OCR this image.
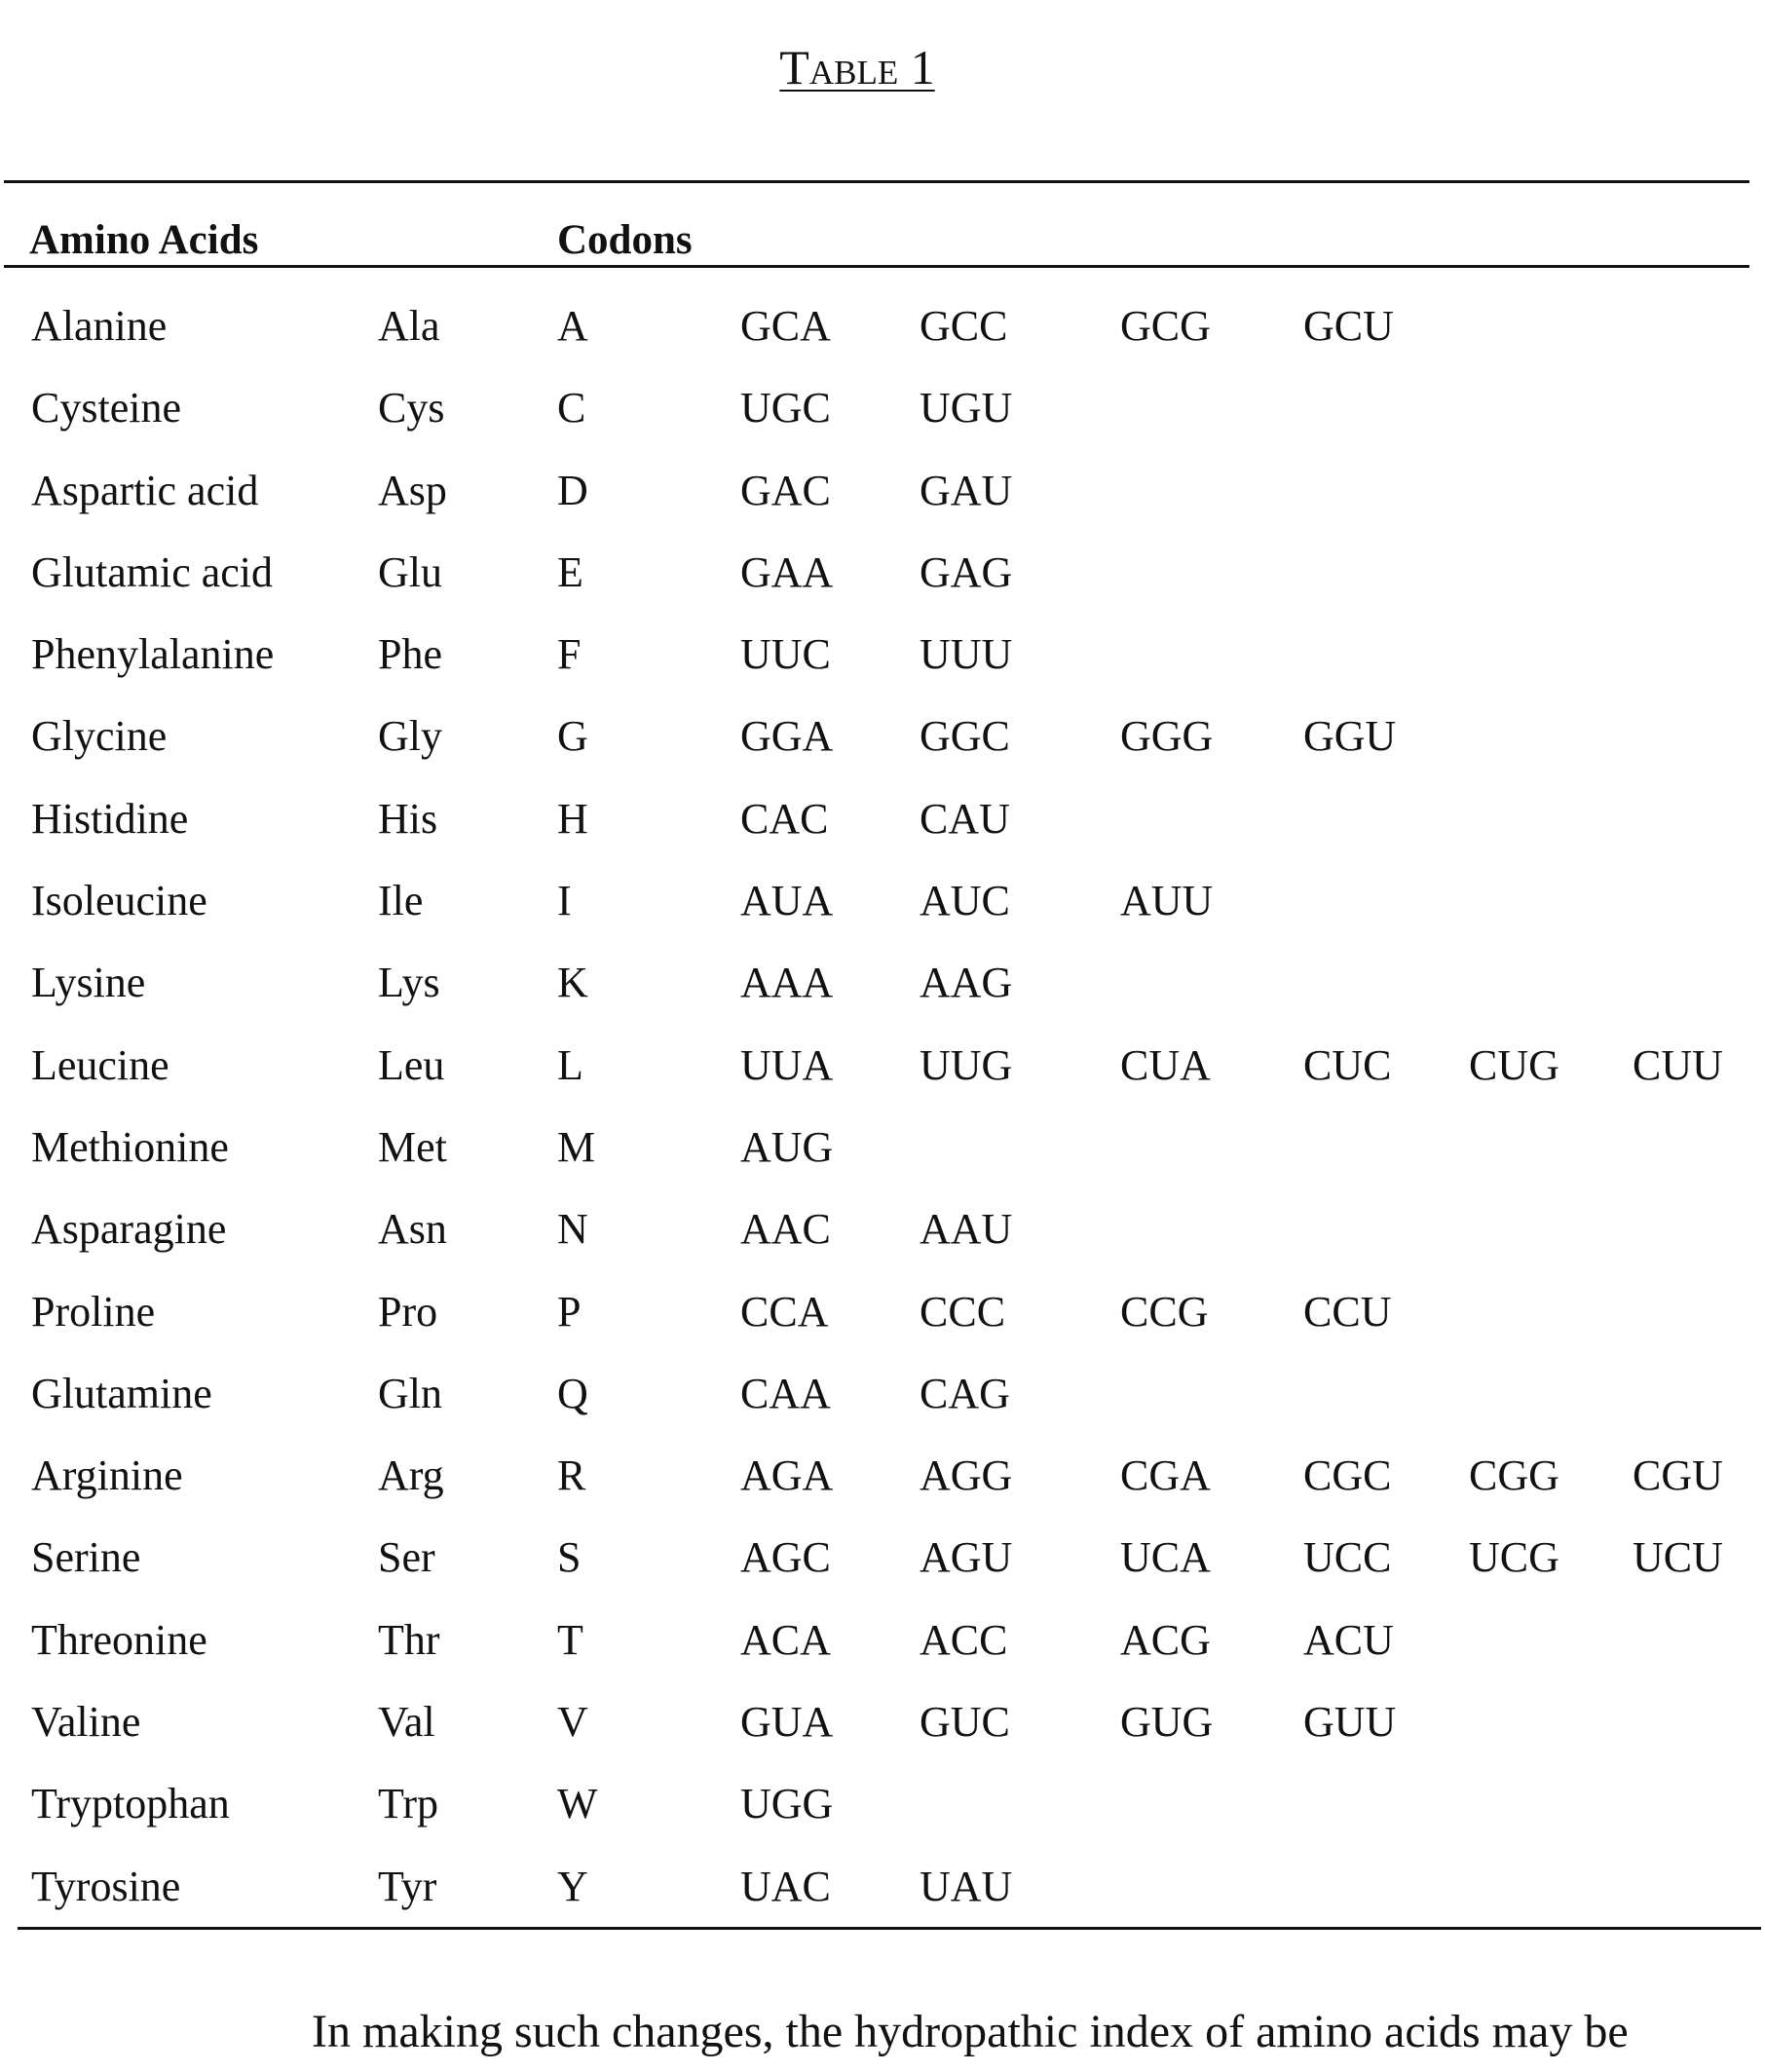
Table 1
Amino Acids	Codons
Alanine	Ala	A	GCA GCC	GCG GCU
Cysteine	Cys	C	UGC UGU
Aspartic acid	Asp	D	GAC GAU
Glutamic acid Glu	E	GAA GAG
Phenylalanine Phe	F	UUC UUU
Glycine	Gly	G	GGA GGC	GGG GGU
Histidine	His	H	CAC CAU
Isoleucine	Ile	I	AUA AUC	AUU
Lysine	Lys	K	AAA AAG
Leucine	Leu	L	UUA UUG	CUA CUC CUG CUU
Methionine	Met	M	AUG
Asparagine	Asn	N	AAC AAU
Proline	Pro	P	CCA CCC	CCG CCU
Glutamine	Gln	Q	CAA CAG
Arginine	Arg	R	AGA AGG	CGA CGC CGG CGU
Serine	Ser	S	AGC AGU	UCA UCC UCG UCU
Threonine	Thr	T	ACA ACC	ACG ACU
Valine	Val	V	GUA GUC	GUG GUU
Tryptophan	Trp	W	UGG
Tyrosine	Tyr	Y	UAC UAU
In making such changes, the hydropathic index of amino acids may be
